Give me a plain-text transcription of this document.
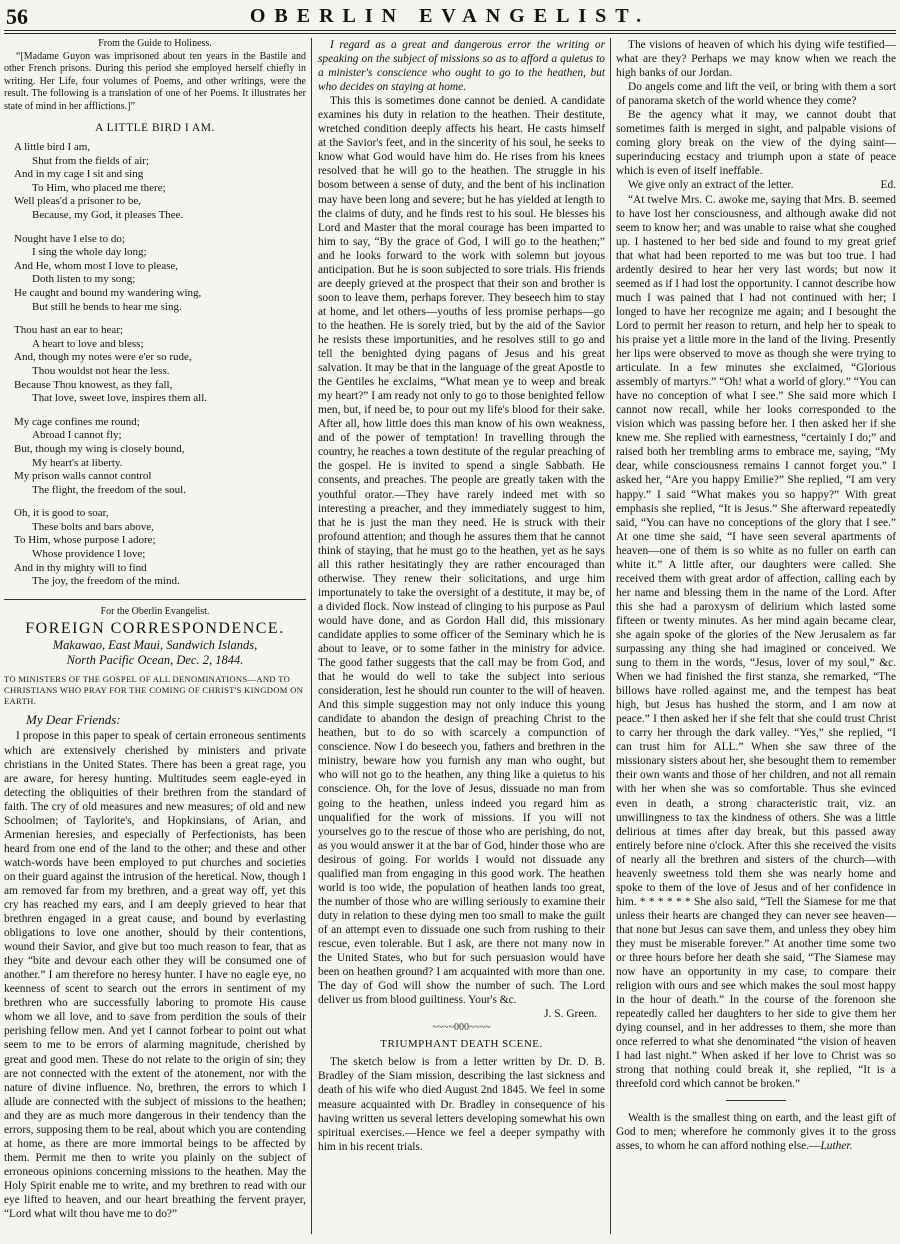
56	OBERLIN EVANGELIST.
From the Guide to Holiness.

“[Madame Guyon was imprisoned about ten years in the Bastile and other French prisons. During this period she employed herself chiefly in writing. Her Life, four volumes of Poems, and other writings, were the result. The following is a translation of one of her Poems. It illustrates her state of mind in her afflictions.]”

A LITTLE BIRD I AM.
A little bird I am,
Shut from the fields of air;
And in my cage I sit and sing
To Him, who placed me there;
Well pleas'd a prisoner to be,
Because, my God, it pleases Thee.
Nought have I else to do;
I sing the whole day long;
And He, whom most I love to please,
Doth listen to my song;
He caught and bound my wandering wing,
But still he bends to hear me sing.
Thou hast an ear to hear;
A heart to love and bless;
And, though my notes were e'er so rude,
Thou wouldst not hear the less.
Because Thou knowest, as they fall,
That love, sweet love, inspires them all.
My cage confines me round;
Abroad I cannot fly;
But, though my wing is closely bound,
My heart's at liberty.
My prison walls cannot control
The flight, the freedom of the soul.
Oh, it is good to soar,
These bolts and bars above,
To Him, whose purpose I adore;
Whose providence I love;
And in thy mighty will to find
The joy, the freedom of the mind.
For the Oberlin Evangelist.
FOREIGN CORRESPONDENCE.
Makawao, East Maui, Sandwich Islands,
North Pacific Ocean, Dec. 2, 1844.

TO MINISTERS OF THE GOSPEL OF ALL DENOMINATIONS—AND TO CHRISTIANS WHO PRAY FOR THE COMING OF CHRIST'S KINGDOM ON EARTH.

My Dear Friends:

I propose in this paper to speak of certain erroneous sentiments which are extensively cherished by ministers and private christians in the United States. There has been a great rage, you are aware, for heresy hunting. Multitudes seem eagle-eyed in detecting the obliquities of their brethren from the standard of faith. The cry of old measures and new measures; of old and new Schoolmen; of Taylorite's, and Hopkinsians, of Arian, and Armenian heresies, and especially of Perfectionists, has been heard from one end of the land to the other; and these and other watch-words have been employed to put churches and societies on their guard against the intrusion of the heretical. Now, though I am removed far from my brethren, and a great way off, yet this cry has reached my ears, and I am deeply grieved to hear that brethren engaged in a great cause, and bound by everlasting obligations to love one another, should by their contentions, wound their Savior, and give but too much reason to fear, that as they “bite and devour each other they will be consumed one of another.” I am therefore no heresy hunter. I have no eagle eye, no keenness of scent to search out the errors in sentiment of my brethren who are successfully laboring to promote His cause whom we all love, and to save from perdition the souls of their perishing fellow men. And yet I cannot forbear to point out what seem to me to be errors of alarming magnitude, cherished by great and good men. These do not relate to the origin of sin; they are not connected with the extent of the atonement, nor with the nature of divine influence. No, brethren, the errors to which I allude are connected with the subject of missions to the heathen; and they are as much more dangerous in their tendency than the errors, supposing them to be real, about which you are contending at home, as there are more immortal beings to be affected by them. Permit me then to write you plainly on the subject of erroneous opinions concerning missions to the heathen. May the Holy Spirit enable me to write, and my brethren to read with our eye lifted to heaven, and our heart breathing the fervent prayer, “Lord what wilt thou have me to do?”

I regard as a great and dangerous error the writing or speaking on the subject of missions so as to afford a quietus to a minister's conscience who ought to go to the heathen, but who decides on staying at home.

This this is sometimes done cannot be denied. A candidate examines his duty in relation to the heathen. Their destitute, wretched condition deeply affects his heart. He casts himself at the Savior's feet, and in the sincerity of his soul, he seeks to know what God would have him do. He rises from his knees resolved that he will go to the heathen. The struggle in his bosom between a sense of duty, and the bent of his inclination may have been long and severe; but he has yielded at length to the claims of duty, and he finds rest to his soul. He blesses his Lord and Master that the moral courage has been imparted to him to say, “By the grace of God, I will go to the heathen;” and he looks forward to the work with solemn but joyous anticipation. But he is soon subjected to sore trials. His friends are deeply grieved at the prospect that their son and brother is soon to leave them, perhaps forever. They beseech him to stay at home, and let others—youths of less promise perhaps—go to the heathen. He is sorely tried, but by the aid of the Savior he resists these importunities, and he resolves still to go and tell the benighted dying pagans of Jesus and his great salvation. It may be that in the language of the great Apostle to the Gentiles he exclaims, “What mean ye to weep and break my heart?” I am ready not only to go to those benighted fellow men, but, if need be, to pour out my life's blood for their sake. After all, how little does this man know of his own weakness, and of the power of temptation! In travelling through the country, he reaches a town destitute of the regular preaching of the gospel. He is invited to spend a single Sabbath. He consents, and preaches. The people are greatly taken with the youthful orator.—They have rarely indeed met with so interesting a preacher, and they immediately suggest to him, that he is just the man they need. He is struck with their profound attention; and though he assures them that he cannot think of staying, that he must go to the heathen, yet as he says all this rather hesitatingly they are rather encouraged than otherwise. They renew their solicitations, and urge him importunately to take the oversight of a destitute, it may be, of a divided flock. Now instead of clinging to his purpose as Paul would have done, and as Gordon Hall did, this missionary candidate applies to some officer of the Seminary which he is about to leave, or to some father in the ministry for advice. The good father suggests that the call may be from God, and that he would do well to take the subject into serious consideration, lest he should run counter to the will of heaven. And this simple suggestion may not only induce this young candidate to abandon the design of preaching Christ to the heathen, but to do so with scarcely a compunction of conscience. Now I do beseech you, fathers and brethren in the ministry, beware how you furnish any man who ought, but who will not go to the heathen, any thing like a quietus to his conscience. Oh, for the love of Jesus, dissuade no man from going to the heathen, unless indeed you regard him as unqualified for the work of missions. If you will not yourselves go to the rescue of those who are perishing, do not, as you would answer it at the bar of God, hinder those who are desirous of going. For worlds I would not dissuade any qualified man from engaging in this good work. The heathen world is too wide, the population of heathen lands too great, the number of those who are willing seriously to examine their duty in relation to these dying men too small to make the guilt of an attempt even to dissuade one such from rushing to their rescue, even tolerable. But I ask, are there not many now in the United States, who but for such persuasion would have been on heathen ground? I am acquainted with more than one. The day of God will show the number of such. The Lord deliver us from blood guiltiness. Your's &c.

J. S. Green.
~~~~000~~~~
TRIUMPHANT DEATH SCENE.

The sketch below is from a letter written by Dr. D. B. Bradley of the Siam mission, describing the last sickness and death of his wife who died August 2nd 1845. We feel in some measure acquainted with Dr. Bradley in consequence of his having written us several letters developing somewhat his own spiritual exercises.—Hence we feel a deeper sympathy with him in his recent trials.

The visions of heaven of which his dying wife testified—what are they? Perhaps we may know when we reach the high banks of our Jordan.

Do angels come and lift the veil, or bring with them a sort of panorama sketch of the world whence they come?

Be the agency what it may, we cannot doubt that sometimes faith is merged in sight, and palpable visions of coming glory break on the view of the dying saint—superinducing ecstacy and triumph upon a state of peace which is even of itself ineffable.

We give only an extract of the letter.	Ed.

“At twelve Mrs. C. awoke me, saying that Mrs. B. seemed to have lost her consciousness, and although awake did not seem to know her; and was unable to raise what she coughed up. I hastened to her bed side and found to my great grief that what had been reported to me was but too true. I had ardently desired to hear her very last words; but now it seemed as if I had lost the opportunity. I cannot describe how much I was pained that I had not continued with her; I longed to have her recognize me again; and I besought the Lord to permit her reason to return, and help her to speak to his praise yet a little more in the land of the living. Presently her lips were observed to move as though she were trying to articulate. In a few minutes she exclaimed, “Glorious assembly of martyrs.” “Oh! what a world of glory.” “You can have no conception of what I see.” She said more which I cannot now recall, while her looks corresponded to the vision which was passing before her. I then asked her if she knew me. She replied with earnestness, “certainly I do;” and raised both her trembling arms to embrace me, saying, “My dear, while consciousness remains I cannot forget you.” I asked her, “Are you happy Emilie?” She replied, “I am very happy.” I said “What makes you so happy?” With great emphasis she replied, “It is Jesus.” She afterward repeatedly said, “You can have no conceptions of the glory that I see.” At one time she said, “I have seen several apartments of heaven—one of them is so white as no fuller on earth can white it.” A little after, our daughters were called. She received them with great ardor of affection, calling each by her name and blessing them in the name of the Lord. After this she had a paroxysm of delirium which lasted some fifteen or twenty minutes. As her mind again became clear, she again spoke of the glories of the New Jerusalem as far surpassing any thing she had imagined or conceived. We sung to them in the words, “Jesus, lover of my soul,” &c. When we had finished the first stanza, she remarked, “The billows have rolled against me, and the tempest has beat high, but Jesus has hushed the storm, and I am now at peace.” I then asked her if she felt that she could trust Christ to carry her through the dark valley. “Yes,” she replied, “I can trust him for ALL.” When she saw three of the missionary sisters about her, she besought them to remember their own wants and those of her children, and not all remain with her when she was so comfortable. Thus she evinced even in death, a strong characteristic trait, viz. an unwillingness to tax the kindness of others. She was a little delirious at times after day break, but this passed away entirely before nine o'clock. After this she received the visits of nearly all the brethren and sisters of the church—with heavenly sweetness told them she was nearly home and spoke to them of the love of Jesus and of her confidence in him. * * * * * * She also said, “Tell the Siamese for me that unless their hearts are changed they can never see heaven—that none but Jesus can save them, and unless they obey him they must be miserable forever.” At another time some two or three hours before her death she said, “The Siamese may now have an opportunity in my case, to compare their religion with ours and see which makes the soul most happy in the hour of death.” In the course of the forenoon she repeatedly called her daughters to her side to give them her dying counsel, and in her addresses to them, she more than once referred to what she denominated “the vision of heaven I had last night.” When asked if her love to Christ was so strong that nothing could break it, she replied, “It is a threefold cord which cannot be broken.”

Wealth is the smallest thing on earth, and the least gift of God to men; wherefore he commonly gives it to the gross asses, to whom he can afford nothing else.—Luther.
